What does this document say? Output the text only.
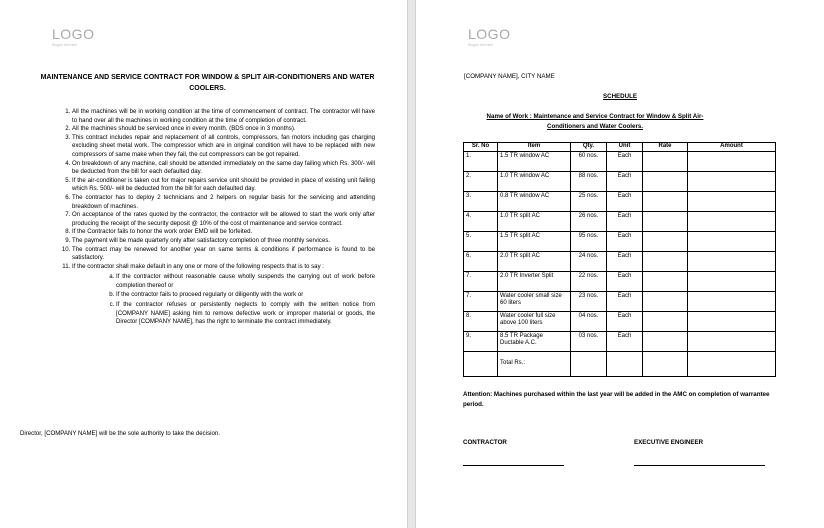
LOGO
Slogan text here
MAINTENANCE AND SERVICE CONTRACT FOR WINDOW & SPLIT AIR-CONDITIONERS AND WATER COOLERS.
1. All the machines will be in working condition at the time of commencement of contract. The contractor will have to hand over all the machines in working condition at the time of completion of contract.
2. All the machines should be serviced once in every month. (BDS once in 3 months).
3. This contract includes repair and replacement of all controls, compressors, fan motors including gas charging excluding sheet metal work. The compressor which are in original condition will have to be replaced with new compressors of same make when they fail, the cut compressors can be got repaired.
4. On breakdown of any machine, call should be attended immediately on the same day failing which Rs. 300/- will be deducted from the bill for each defaulted day.
5. If the air-conditioner is taken out for major repairs service unit should be provided in place of existing unit failing which Rs. 500/- will be deducted from the bill for each defaulted day.
6. The contractor has to deploy 2 technicians and 2 helpers on regular basis for the servicing and attending breakdown of machines.
7. On acceptance of the rates quoted by the contractor, the contractor will be allowed to start the work only after producing the receipt of the security deposit @ 10% of the cost of maintenance and service contract.
8. If the Contractor fails to honor the work order EMD will be forfeited.
9. The payment will be made quarterly only after satisfactory completion of three monthly services.
10. The contract may be renewed for another year on same terms & conditions if performance is found to be satisfactory.
11. If the contractor shall make default in any one or more of the following respects that is to say :
a. If the contractor without reasonable cause wholly suspends the carrying out of work before completion thereof or
b. If the contractor fails to proceed regularly or diligently with the work or
c. If the contractor refuses or persistently neglects to comply with the written notice from [COMPANY NAME] asking him to remove defective work or improper material or goods, the Director [COMPANY NAME], has the right to terminate the contract immediately.
Director, [COMPANY NAME] will be the sole authority to take the decision.
LOGO
Slogan text here
[COMPANY NAME], CITY NAME
SCHEDULE
Name of Work : Maintenance and Service Contract for Window & Split Air-
Conditioners and Water Coolers.
Sr. No	Item	Qty.	Unit	Rate	Amount
1.	1.5 TR window AC	60 nos.	Each		
2.	1.0 TR window AC	88 nos.	Each		
3.	0.8 TR window AC	25 nos.	Each		
4.	1.0 TR split AC	26 nos.	Each		
5.	1.5 TR split AC	95 nos.	Each		
6.	2.0 TR split AC	24 nos.	Each		
7.	2.0 TR Inverter Split	22 nos.	Each		
7.	Water cooler small size 60 liters	23 nos.	Each		
8.	Water cooler full size above 100 liters	04 nos.	Each		
9.	8.5 TR Package Ductable A.C.	03 nos.	Each		
	Total Rs.:				
Attention: Machines purchased within the last year will be added in the AMC on completion of warrantee period.
CONTRACTOR	EXECUTIVE ENGINEER
